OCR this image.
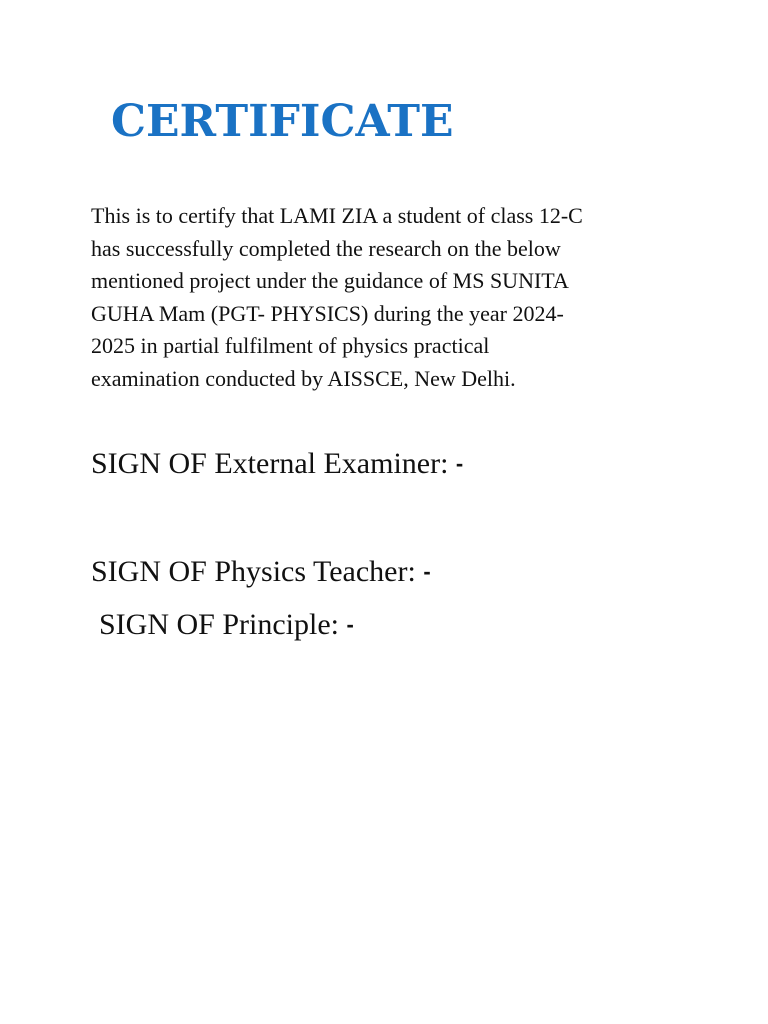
CERTIFICATE

This is to certify that LAMI ZIA a student of class 12-C
has successfully completed the research on the below
mentioned project under the guidance of MS SUNITA
GUHA Mam (PGT- PHYSICS) during the year 2024-
2025 in partial fulfilment of physics practical
examination conducted by AISSCE, New Delhi.

SIGN OF External Examiner: -

SIGN OF Physics Teacher: -

SIGN OF Principle: -
